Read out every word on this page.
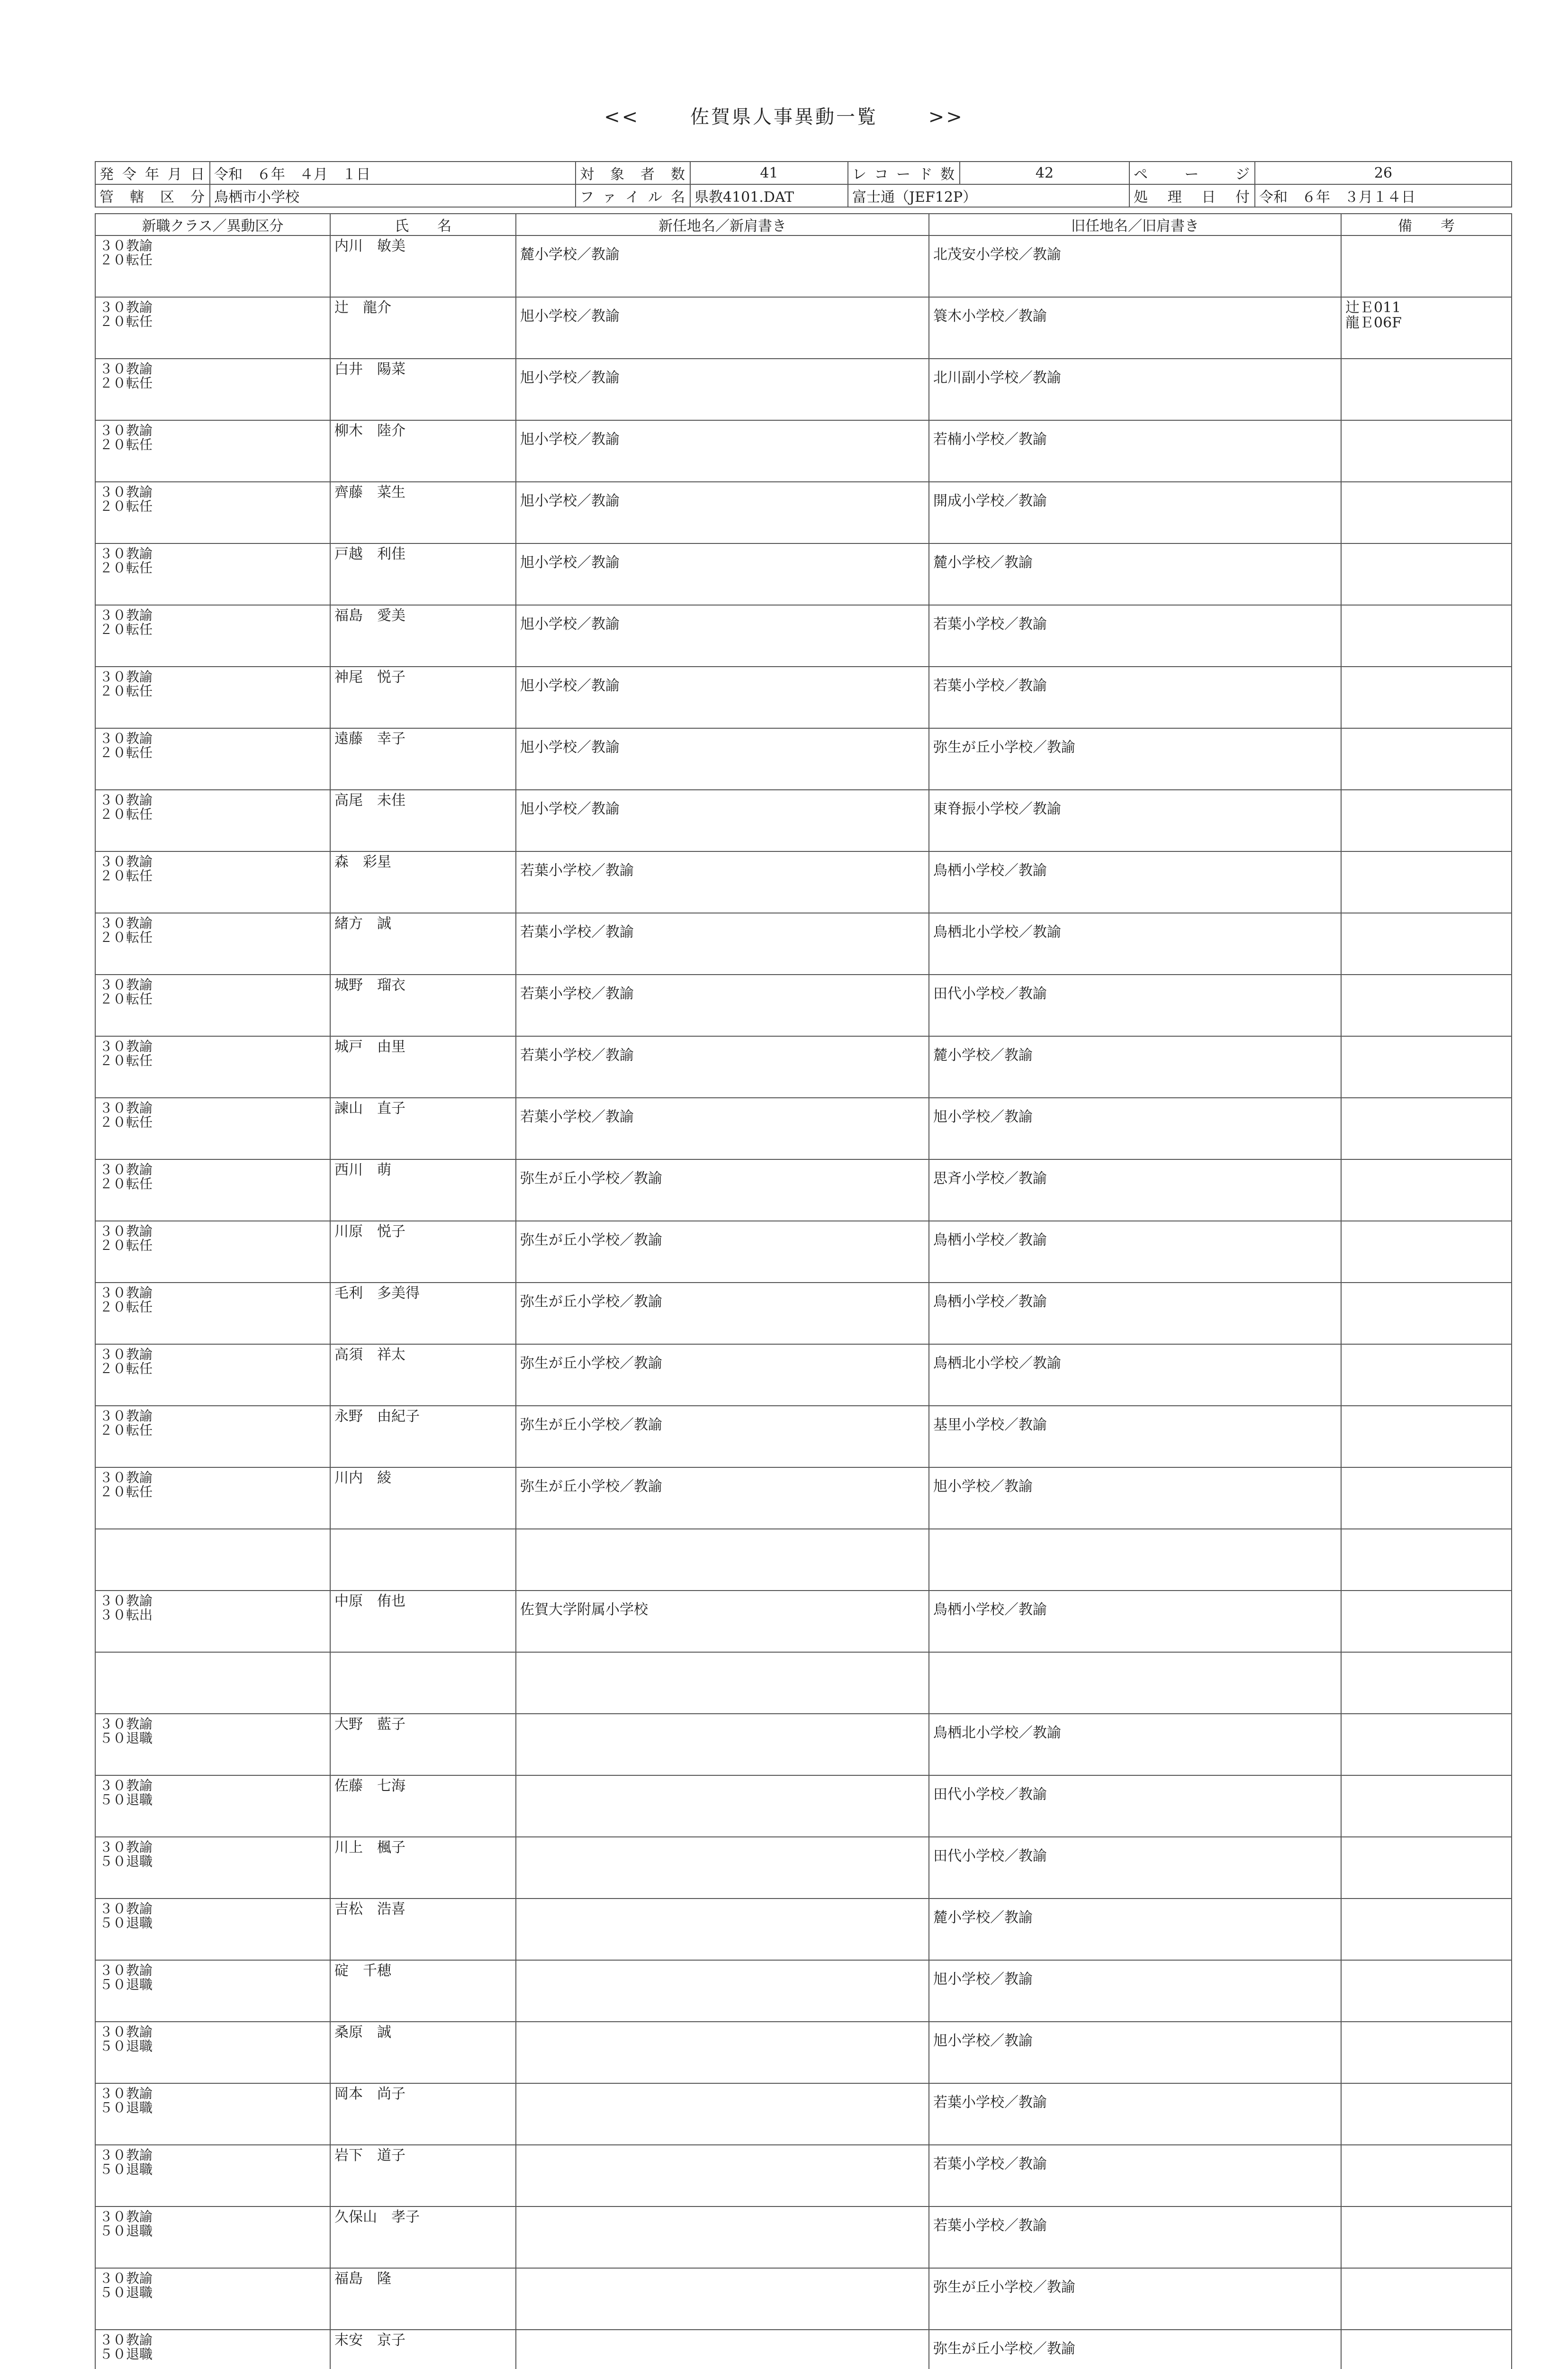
<<	佐賀県人事異動一覧	>>
発令年月日	令和　６年　４月　１日	対象者数	41	レコード数	42	ペ　ー　ジ	26
管轄区分	鳥栖市小学校	ファイル名	県教4101.DAT	富士通（JEF12P）		処理日付	令和　６年　３月１４日
新職クラス／異動区分	氏　　名	新任地名／新肩書き	旧任地名／旧肩書き	備　　考

３０教諭
２０転任	内川　敏美	麓小学校／教諭	北茂安小学校／教諭	

３０教諭
２０転任	辻　龍介	旭小学校／教諭	簑木小学校／教諭	辻Ｅ011
龍Ｅ06F

３０教諭
２０転任	白井　陽菜	旭小学校／教諭	北川副小学校／教諭	

３０教諭
２０転任	柳木　陸介	旭小学校／教諭	若楠小学校／教諭	

３０教諭
２０転任	齊藤　菜生	旭小学校／教諭	開成小学校／教諭	

３０教諭
２０転任	戸越　利佳	旭小学校／教諭	麓小学校／教諭	

３０教諭
２０転任	福島　愛美	旭小学校／教諭	若葉小学校／教諭	

３０教諭
２０転任	神尾　悦子	旭小学校／教諭	若葉小学校／教諭	

３０教諭
２０転任	遠藤　幸子	旭小学校／教諭	弥生が丘小学校／教諭	

３０教諭
２０転任	高尾　未佳	旭小学校／教諭	東脊振小学校／教諭	

３０教諭
２０転任	森　彩星	若葉小学校／教諭	鳥栖小学校／教諭	

３０教諭
２０転任	緒方　誠	若葉小学校／教諭	鳥栖北小学校／教諭	

３０教諭
２０転任	城野　瑠衣	若葉小学校／教諭	田代小学校／教諭	

３０教諭
２０転任	城戸　由里	若葉小学校／教諭	麓小学校／教諭	

３０教諭
２０転任	諫山　直子	若葉小学校／教諭	旭小学校／教諭	

３０教諭
２０転任	西川　萌	弥生が丘小学校／教諭	思斉小学校／教諭	

３０教諭
２０転任	川原　悦子	弥生が丘小学校／教諭	鳥栖小学校／教諭	

３０教諭
２０転任	毛利　多美得	弥生が丘小学校／教諭	鳥栖小学校／教諭	

３０教諭
２０転任	高須　祥太	弥生が丘小学校／教諭	鳥栖北小学校／教諭	

３０教諭
２０転任	永野　由紀子	弥生が丘小学校／教諭	基里小学校／教諭	

３０教諭
２０転任	川内　綾	弥生が丘小学校／教諭	旭小学校／教諭	

３０教諭
３０転出	中原　侑也	佐賀大学附属小学校	鳥栖小学校／教諭	

３０教諭
５０退職	大野　藍子		鳥栖北小学校／教諭	

３０教諭
５０退職	佐藤　七海		田代小学校／教諭	

３０教諭
５０退職	川上　楓子		田代小学校／教諭	

３０教諭
５０退職	吉松　浩喜		麓小学校／教諭	

３０教諭
５０退職	碇　千穂		旭小学校／教諭	

３０教諭
５０退職	桑原　誠		旭小学校／教諭	

３０教諭
５０退職	岡本　尚子		若葉小学校／教諭	

３０教諭
５０退職	岩下　道子		若葉小学校／教諭	

３０教諭
５０退職	久保山　孝子		若葉小学校／教諭	

３０教諭
５０退職	福島　隆		弥生が丘小学校／教諭	

３０教諭
５０退職	末安　京子		弥生が丘小学校／教諭	
